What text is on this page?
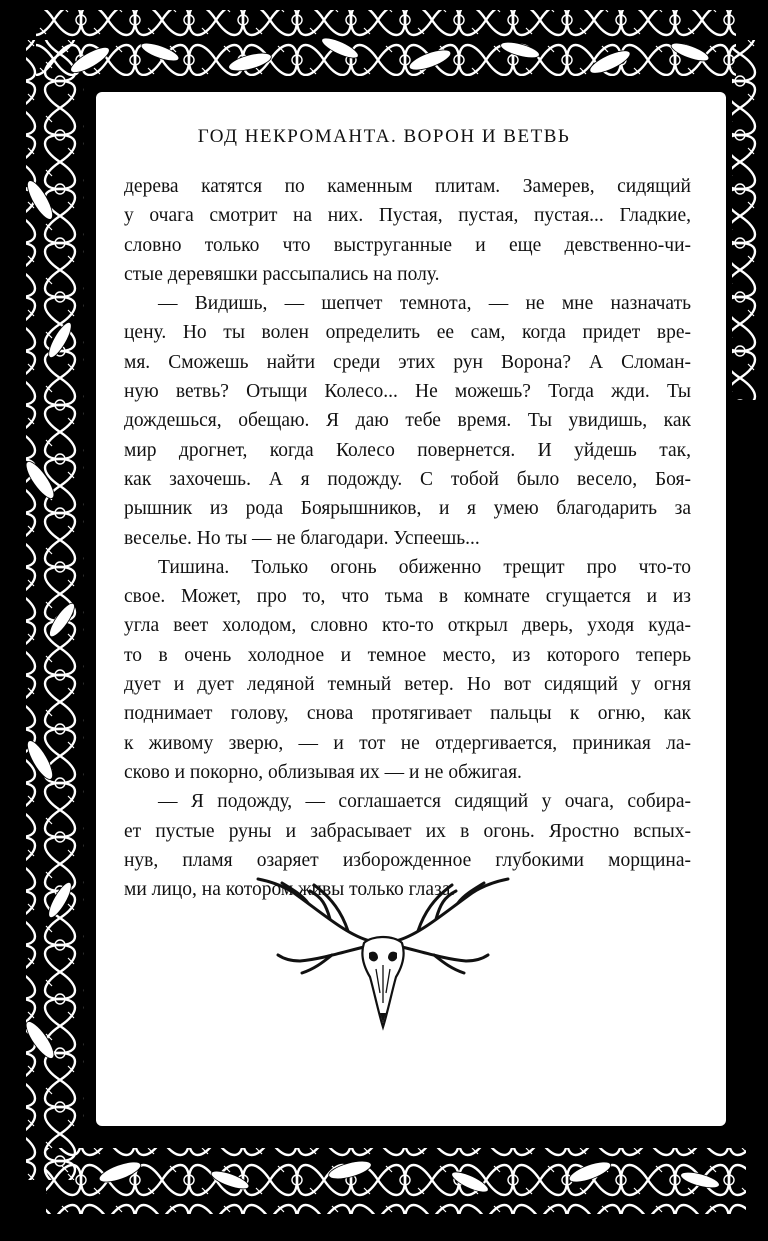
ГОД НЕКРОМАНТА. ВОРОН И ВЕТВЬ

дерева катятся по каменным плитам. Замерев, сидящий

у очага смотрит на них. Пустая, пустая, пустая... Гладкие,

словно только что выструганные и еще девственно-чи-

стые деревяшки рассыпались на полу.

— Видишь, — шепчет темнота, — не мне назначать

цену. Но ты волен определить ее сам, когда придет вре-

мя. Сможешь найти среди этих рун Ворона? А Сломан-

ную ветвь? Отыщи Колесо... Не можешь? Тогда жди. Ты

дождешься, обещаю. Я даю тебе время. Ты увидишь, как

мир дрогнет, когда Колесо повернется. И уйдешь так,

как захочешь. А я подожду. С тобой было весело, Боя-

рышник из рода Боярышников, и я умею благодарить за

веселье. Но ты — не благодари. Успеешь...

Тишина. Только огонь обиженно трещит про что-то

свое. Может, про то, что тьма в комнате сгущается и из

угла веет холодом, словно кто-то открыл дверь, уходя куда-

то в очень холодное и темное место, из которого теперь

дует и дует ледяной темный ветер. Но вот сидящий у огня

поднимает голову, снова протягивает пальцы к огню, как

к живому зверю, — и тот не отдергивается, приникая ла-

сково и покорно, облизывая их — и не обжигая.

— Я подожду, — соглашается сидящий у очага, собира-

ет пустые руны и забрасывает их в огонь. Яростно вспых-

нув, пламя озаряет изборожденное глубокими морщина-

ми лицо, на котором живы только глаза.
